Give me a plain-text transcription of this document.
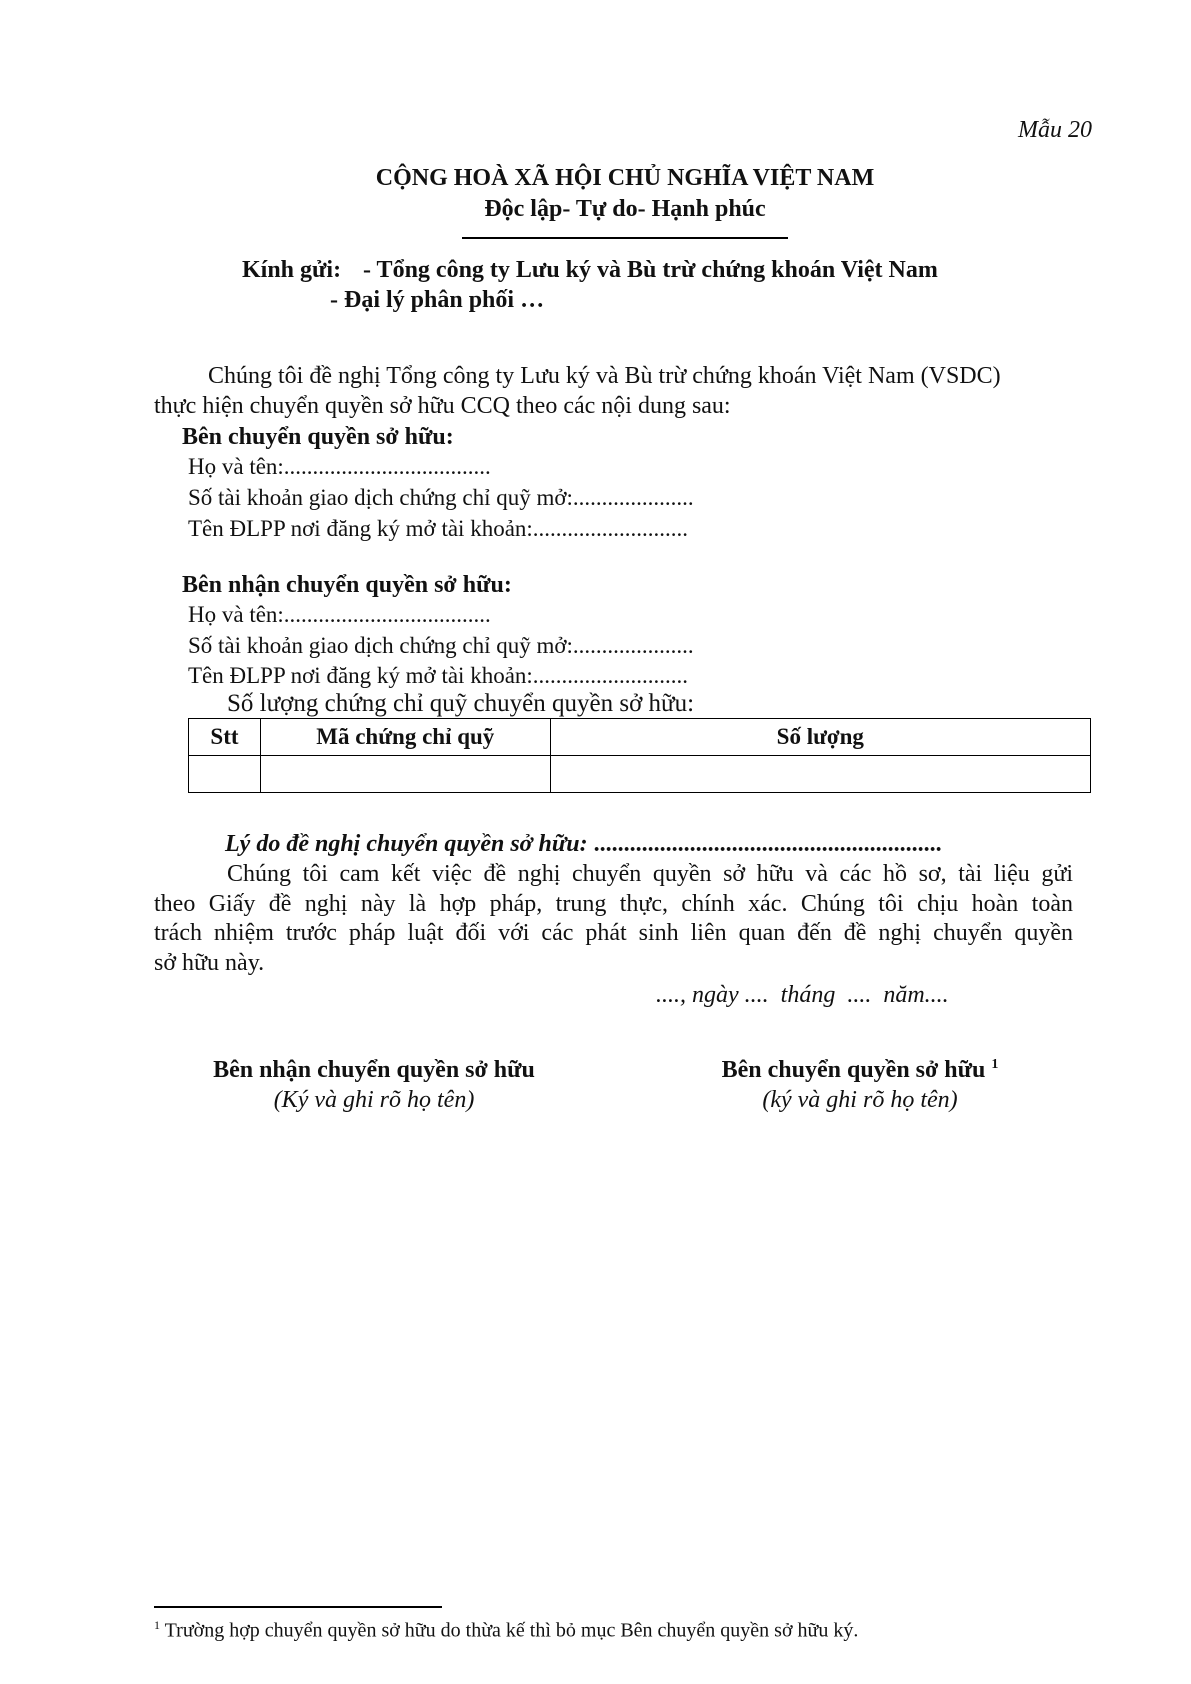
Mẫu 20
CỘNG HOÀ XÃ HỘI CHỦ NGHĨA VIỆT NAM
Độc lập- Tự do- Hạnh phúc
Kính gửi: - Tổng công ty Lưu ký và Bù trừ chứng khoán Việt Nam
- Đại lý phân phối …
Chúng tôi đề nghị Tổng công ty Lưu ký và Bù trừ chứng khoán Việt Nam (VSDC)
thực hiện chuyển quyền sở hữu CCQ theo các nội dung sau:
Bên chuyển quyền sở hữu:
Họ và tên:....................................
Số tài khoản giao dịch chứng chỉ quỹ mở:.....................
Tên ĐLPP nơi đăng ký mở tài khoản:...........................
Bên nhận chuyển quyền sở hữu:
Họ và tên:....................................
Số tài khoản giao dịch chứng chỉ quỹ mở:.....................
Tên ĐLPP nơi đăng ký mở tài khoản:...........................
Số lượng chứng chỉ quỹ chuyển quyền sở hữu:
Stt	Mã chứng chỉ quỹ	Số lượng

Lý do đề nghị chuyển quyền sở hữu: ..........................................................
Chúng tôi cam kết việc đề nghị chuyển quyền sở hữu và các hồ sơ, tài liệu gửi
theo Giấy đề nghị này là hợp pháp, trung thực, chính xác. Chúng tôi chịu hoàn toàn
trách nhiệm trước pháp luật đối với các phát sinh liên quan đến đề nghị chuyển quyền
sở hữu này.
...., ngày ....  tháng  ....  năm....
Bên nhận chuyển quyền sở hữu
(Ký và ghi rõ họ tên)
Bên chuyển quyền sở hữu $^1$
(ký và ghi rõ họ tên)
$^1$ Trường hợp chuyển quyền sở hữu do thừa kế thì bỏ mục Bên chuyển quyền sở hữu ký.
